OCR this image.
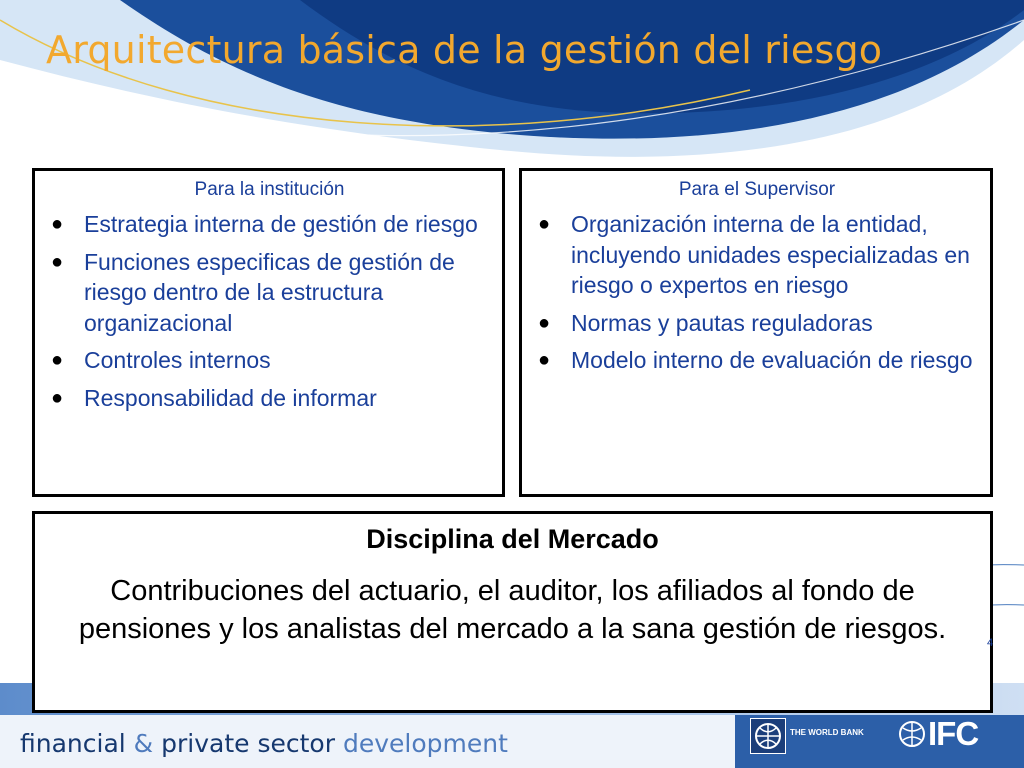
Arquitectura básica de la gestión del riesgo
Para la institución
● Estrategia interna de gestión de riesgo
● Funciones especificas de gestión de riesgo dentro de la estructura organizacional
● Controles internos
● Responsabilidad de informar
Para el Supervisor
● Organización interna de la entidad, incluyendo unidades especializadas en riesgo o expertos en riesgo
● Normas y pautas reguladoras
● Modelo interno de evaluación de riesgo
Disciplina del Mercado
Contribuciones del actuario, el auditor, los afiliados al fondo de pensiones y los analistas del mercado a la sana gestión de riesgos.	4
financial & private sector development	THE WORLD BANK IFC
